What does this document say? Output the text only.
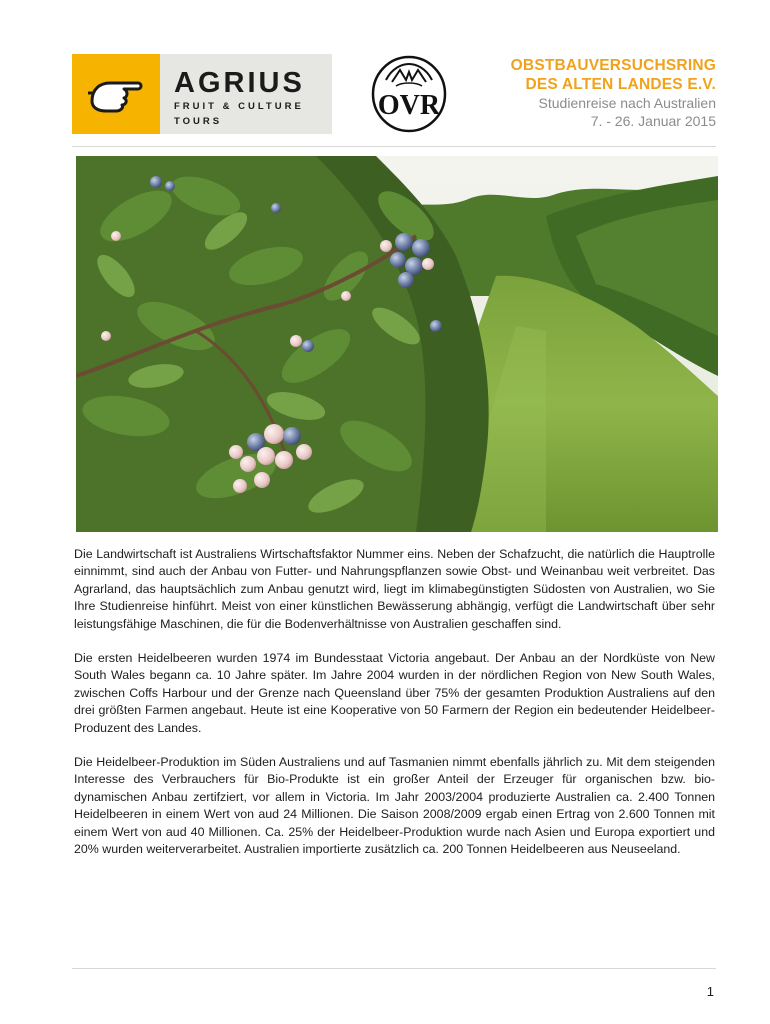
AGRIUS
FRUIT & CULTURE
TOURS
OVR
OBSTBAUVERSUCHSRING
DES ALTEN LANDES E.V.
Studienreise nach Australien
7. - 26. Januar 2015

Die Landwirtschaft ist Australiens Wirtschaftsfaktor Nummer eins. Neben der Schafzucht, die natürlich die Hauptrolle einnimmt, sind auch der Anbau von Futter- und Nahrungspflanzen sowie Obst- und Weinanbau weit verbreitet. Das Agrarland, das hauptsächlich zum Anbau genutzt wird, liegt im klimabegünstigten Südosten von Australien, wo Sie Ihre Studienreise hinführt. Meist von einer künstlichen Bewässerung abhängig, verfügt die Landwirtschaft über sehr leistungsfähige Maschinen, die für die Bodenverhältnisse von Australien geschaffen sind.

Die ersten Heidelbeeren wurden 1974 im Bundesstaat Victoria angebaut. Der Anbau an der Nordküste von New South Wales begann ca. 10 Jahre später. Im Jahre 2004 wurden in der nördlichen Region von New South Wales, zwischen Coffs Harbour und der Grenze nach Queensland über 75% der gesamten Produktion Australiens auf den drei größten Farmen angebaut. Heute ist eine Kooperative von 50 Farmern der Region ein bedeutender Heidelbeer-Produzent des Landes.

Die Heidelbeer-Produktion im Süden Australiens und auf Tasmanien nimmt ebenfalls jährlich zu. Mit dem steigenden Interesse des Verbrauchers für Bio-Produkte ist ein großer Anteil der Erzeuger für organischen bzw. bio-dynamischen Anbau zertifziert, vor allem in Victoria. Im Jahr 2003/2004 produzierte Australien ca. 2.400 Tonnen Heidelbeeren in einem Wert von aud 24 Millionen. Die Saison 2008/2009 ergab einen Ertrag von 2.600 Tonnen mit einem Wert von aud 40 Millionen. Ca. 25% der Heidelbeer-Produktion wurde nach Asien und Europa exportiert und 20% wurden weiterverarbeitet. Australien importierte zusätzlich ca. 200 Tonnen Heidelbeeren aus Neuseeland.

1
